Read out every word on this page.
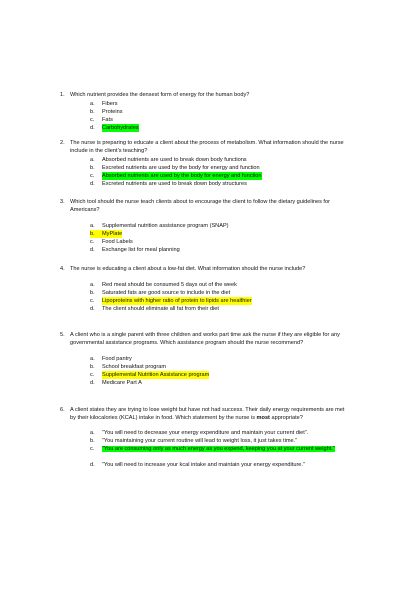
1. Which nutrient provides the densest form of energy for the human body?
a.	Fibers
b.	Proteins
c.	Fats
d.	Carbohydrates
2. The nurse is preparing to educate a client about the process of metabolism. What information should the nurse include in the client’s teaching?
a.	Absorbed nutrients are used to break down body functions
b.	Excreted nutrients are used by the body for energy and function
c.	Absorbed nutrients are used by the body for energy and function
d.	Excreted nutrients are used to break down body structures
3. Which tool should the nurse teach clients about to encourage the client to follow the dietary guidelines for Americans?
a.	Supplemental nutrition assistance program (SNAP)
b.	MyPlate
c.	Food Labels
d.	Exchange list for meal planning
4. The nurse is educating a client about a low-fat diet. What information should the nurse include?
a.	Red meat should be consumed 5 days out of the week
b.	Saturated fats are good source to include in the diet
c.	Lipoproteins with higher ratio of protein to lipids are healthier
d.	The client should eliminate all fat from their diet
5. A client who is a single parent with three children and works part time ask the nurse if they are eligible for any governmental assistance programs. Which assistance program should the nurse recommend?
a.	Food pantry
b.	School breakfast program
c.	Supplemental Nutrition Assistance program
d.	Medicare Part A
6. A client states they are trying to lose weight but have not had success. Their daily energy requirements are met by their kilocalories (KCAL) intake in food. Which statement by the nurse is most appropriate?
a.	“You will need to decrease your energy expenditure and maintain your current diet”.
b.	“You maintaining your current routine will lead to weight loss, it just takes time.”
c.	“You are consuming only as much energy as you expend, keeping you at your current weight.”
d.	“You will need to increase your kcal intake and maintain your energy expenditure.”
